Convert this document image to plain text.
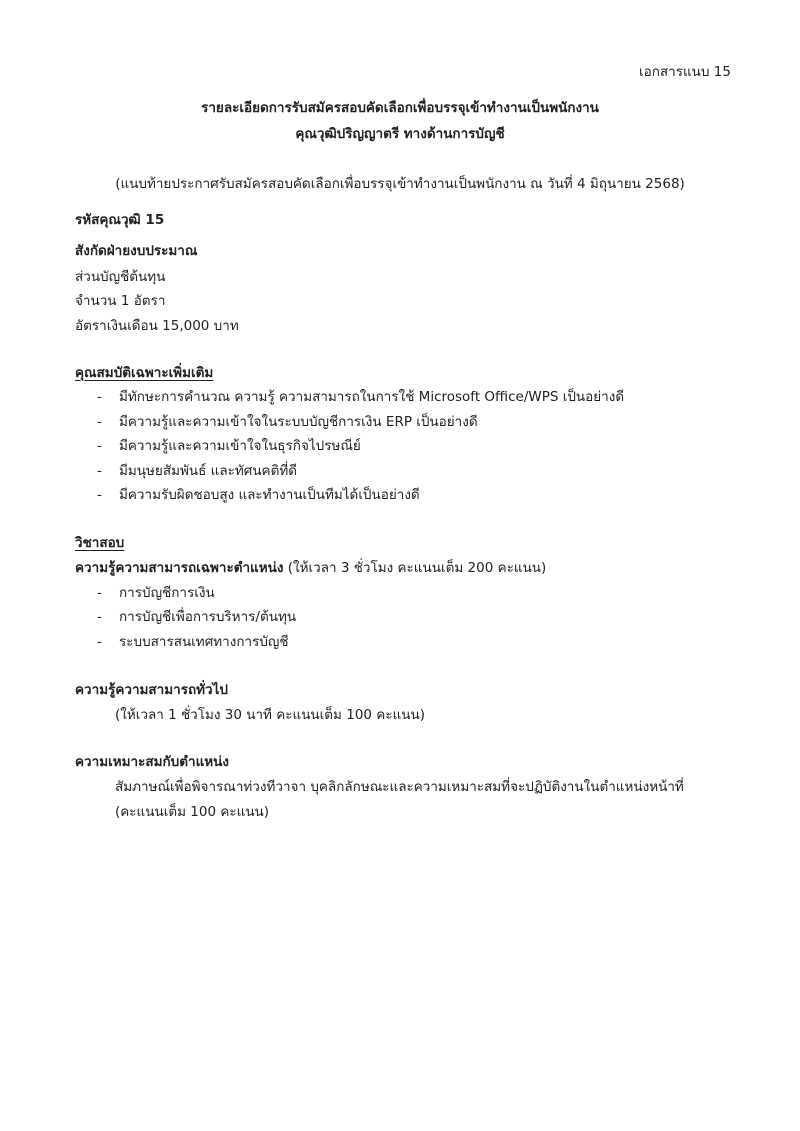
เอกสารแนบ 15
รายละเอียดการรับสมัครสอบคัดเลือกเพื่อบรรจุเข้าทำงานเป็นพนักงาน
คุณวุฒิปริญญาตรี ทางด้านการบัญชี
(แนบท้ายประกาศรับสมัครสอบคัดเลือกเพื่อบรรจุเข้าทำงานเป็นพนักงาน ณ วันที่ 4 มิถุนายน 2568)
รหัสคุณวุฒิ 15
สังกัดฝ่ายงบประมาณ
ส่วนบัญชีต้นทุน
จำนวน 1 อัตรา
อัตราเงินเดือน 15,000 บาท
คุณสมบัติเฉพาะเพิ่มเติม
- มีทักษะการคำนวณ ความรู้ ความสามารถในการใช้ Microsoft Office/WPS เป็นอย่างดี
- มีความรู้และความเข้าใจในระบบบัญชีการเงิน ERP เป็นอย่างดี
- มีความรู้และความเข้าใจในธุรกิจไปรษณีย์
- มีมนุษยสัมพันธ์ และทัศนคติที่ดี
- มีความรับผิดชอบสูง และทำงานเป็นทีมได้เป็นอย่างดี
วิชาสอบ
ความรู้ความสามารถเฉพาะตำแหน่ง (ให้เวลา 3 ชั่วโมง คะแนนเต็ม 200 คะแนน)
- การบัญชีการเงิน
- การบัญชีเพื่อการบริหาร/ต้นทุน
- ระบบสารสนเทศทางการบัญชี
ความรู้ความสามารถทั่วไป
(ให้เวลา 1 ชั่วโมง 30 นาที คะแนนเต็ม 100 คะแนน)
ความเหมาะสมกับตำแหน่ง
สัมภาษณ์เพื่อพิจารณาท่วงทีวาจา บุคลิกลักษณะและความเหมาะสมที่จะปฏิบัติงานในตำแหน่งหน้าที่
(คะแนนเต็ม 100 คะแนน)
